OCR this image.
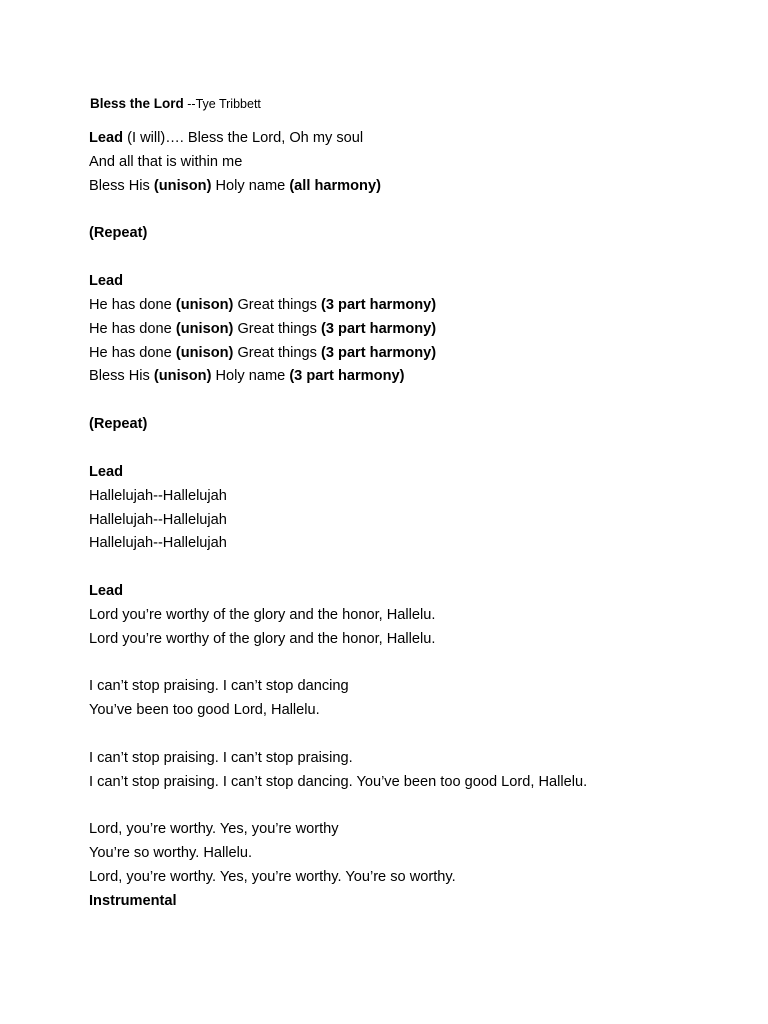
Bless the Lord --Tye Tribbett
Lead (I will)…. Bless the Lord, Oh my soul
And all that is within me
Bless His (unison) Holy name (all harmony)
(Repeat)
Lead
He has done (unison) Great things (3 part harmony)
He has done (unison) Great things (3 part harmony)
He has done (unison) Great things (3 part harmony)
Bless His (unison) Holy name (3 part harmony)
(Repeat)
Lead
Hallelujah--Hallelujah
Hallelujah--Hallelujah
Hallelujah--Hallelujah
Lead
Lord you’re worthy of the glory and the honor, Hallelu.
Lord you’re worthy of the glory and the honor, Hallelu.
I can’t stop praising. I can’t stop dancing
You’ve been too good Lord, Hallelu.
I can’t stop praising. I can’t stop praising.
I can’t stop praising. I can’t stop dancing. You’ve been too good Lord, Hallelu.
Lord, you’re worthy. Yes, you’re worthy
You’re so worthy. Hallelu.
Lord, you’re worthy. Yes, you’re worthy. You’re so worthy.
Instrumental
